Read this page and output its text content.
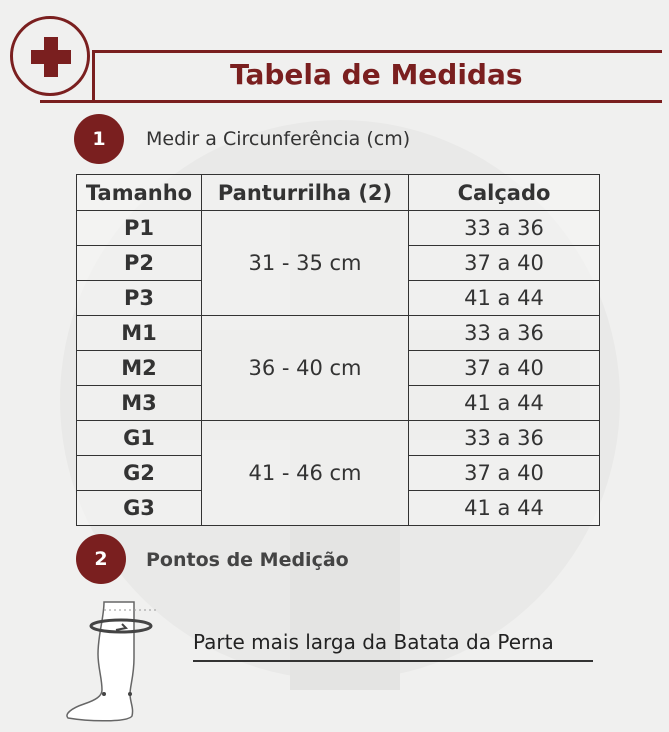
Tabela de Medidas
1	Medir a Circunferência (cm)
Tamanho	Panturrilha (2)	Calçado
P1	31 - 35 cm	33 a 36
P2		37 a 40
P3		41 a 44
M1	36 - 40 cm	33 a 36
M2		37 a 40
M3		41 a 44
G1	41 - 46 cm	33 a 36
G2		37 a 40
G3		41 a 44
2	Pontos de Medição
Parte mais larga da Batata da Perna
